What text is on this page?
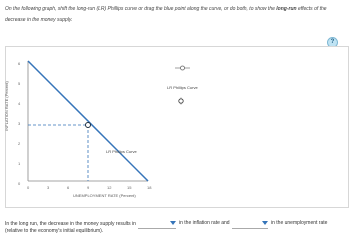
On the following graph, shift the long-run (LR) Phillips curve or drag the blue point along the curve, or do both, to show the long-run effects of the
decrease in the money supply.
?
INFLATION RATE (Percent)
UNEMPLOYMENT RATE (Percent)
0	3	6	9	12	15	18
0
1
2
3
4
5
6
LR Phillips Curve
LR Phillips Curve
In the long run, the decrease in the money supply results in	in the inflation rate and	in the unemployment rate
(relative to the economy's initial equilibrium).
